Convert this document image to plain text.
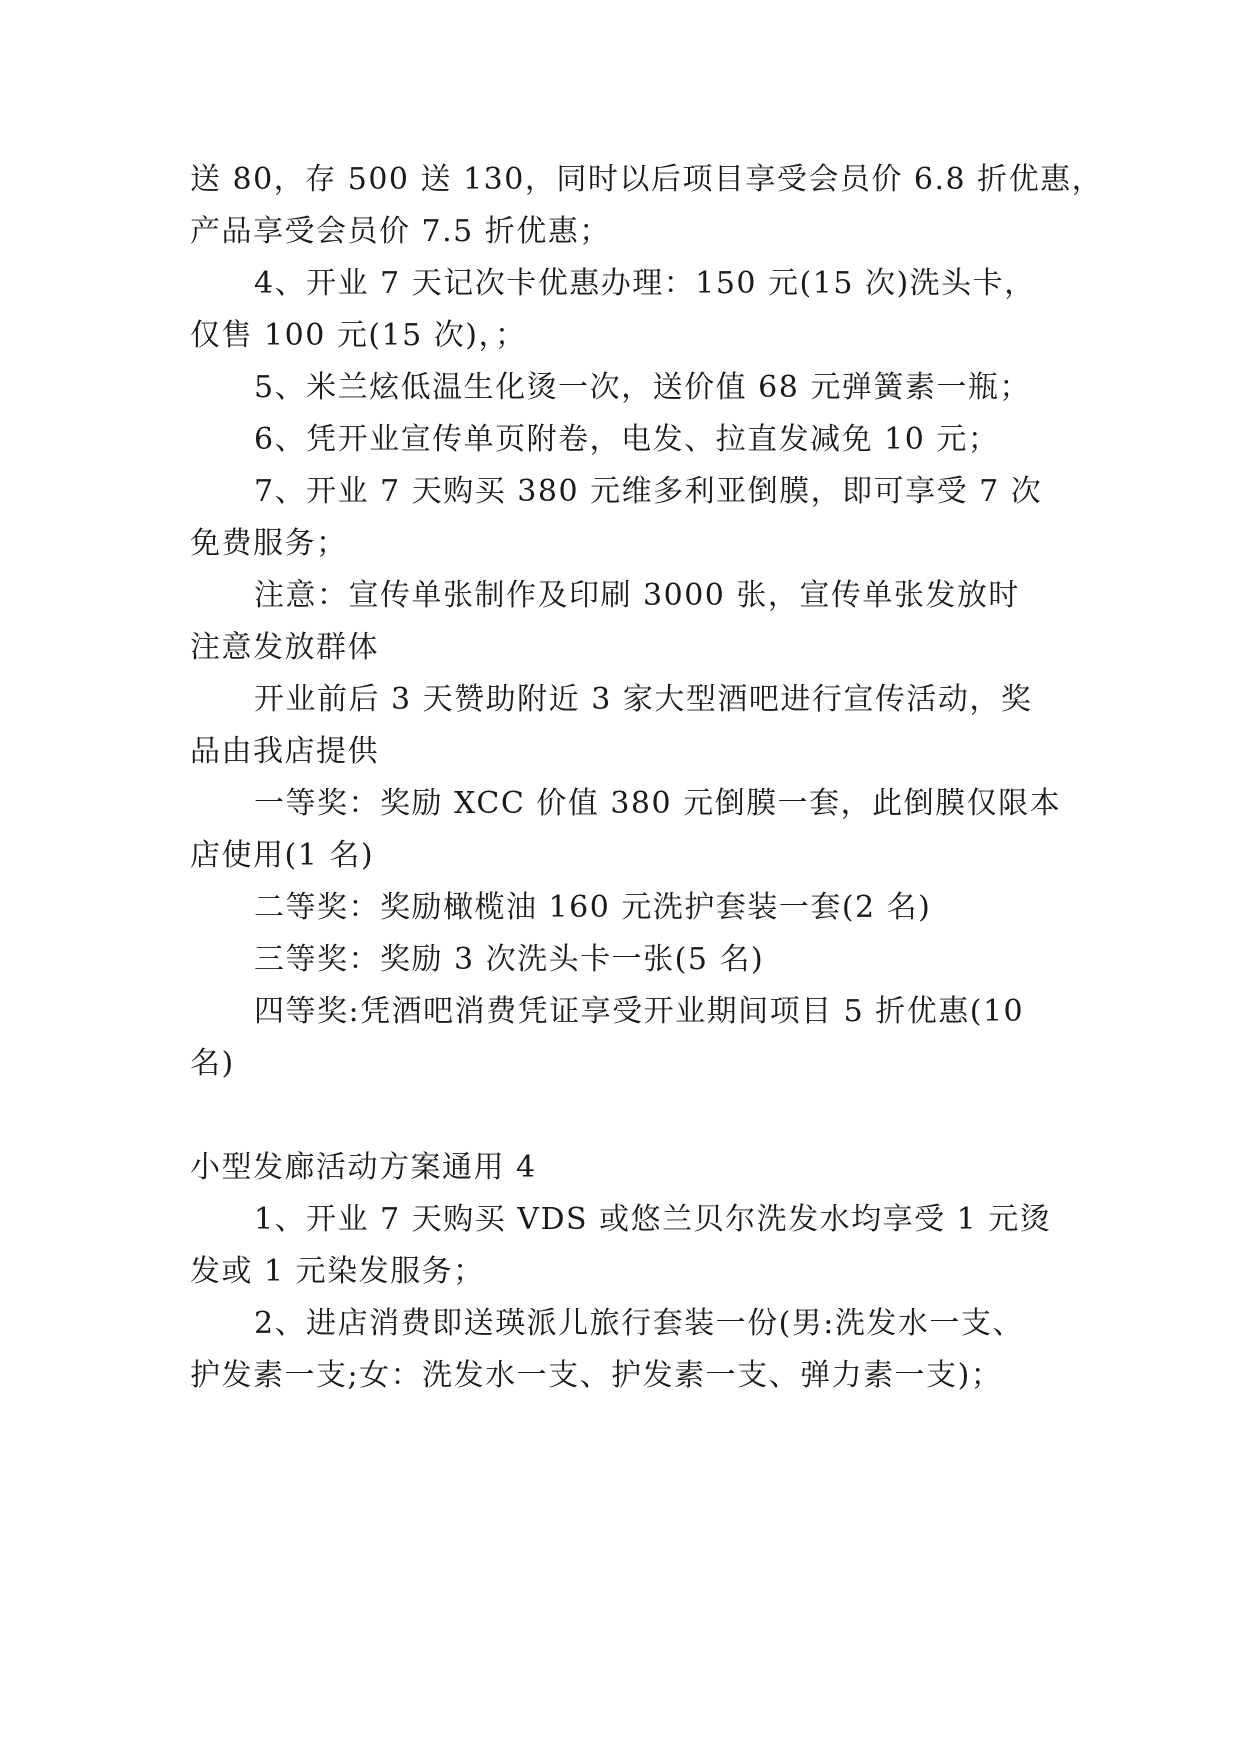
送 80，存 500 送 130，同时以后项目享受会员价 6.8 折优惠，
产品享受会员价 7.5 折优惠；
4、开业 7 天记次卡优惠办理：150 元(15 次)洗头卡，
仅售 100 元(15 次)，；
5、米兰炫低温生化烫一次，送价值 68 元弹簧素一瓶；
6、凭开业宣传单页附卷，电发、拉直发减免 10 元；
7、开业 7 天购买 380 元维多利亚倒膜，即可享受 7 次
免费服务；
注意：宣传单张制作及印刷 3000 张，宣传单张发放时
注意发放群体
开业前后 3 天赞助附近 3 家大型酒吧进行宣传活动，奖
品由我店提供
一等奖：奖励 XCC 价值 380 元倒膜一套，此倒膜仅限本
店使用(1 名)
二等奖：奖励橄榄油 160 元洗护套装一套(2 名)
三等奖：奖励 3 次洗头卡一张(5 名)
四等奖:凭酒吧消费凭证享受开业期间项目 5 折优惠(10
名)
小型发廊活动方案通用 4
1、开业 7 天购买 VDS 或悠兰贝尔洗发水均享受 1 元烫
发或 1 元染发服务；
2、进店消费即送瑛派儿旅行套装一份(男:洗发水一支、
护发素一支;女：洗发水一支、护发素一支、弹力素一支)；
